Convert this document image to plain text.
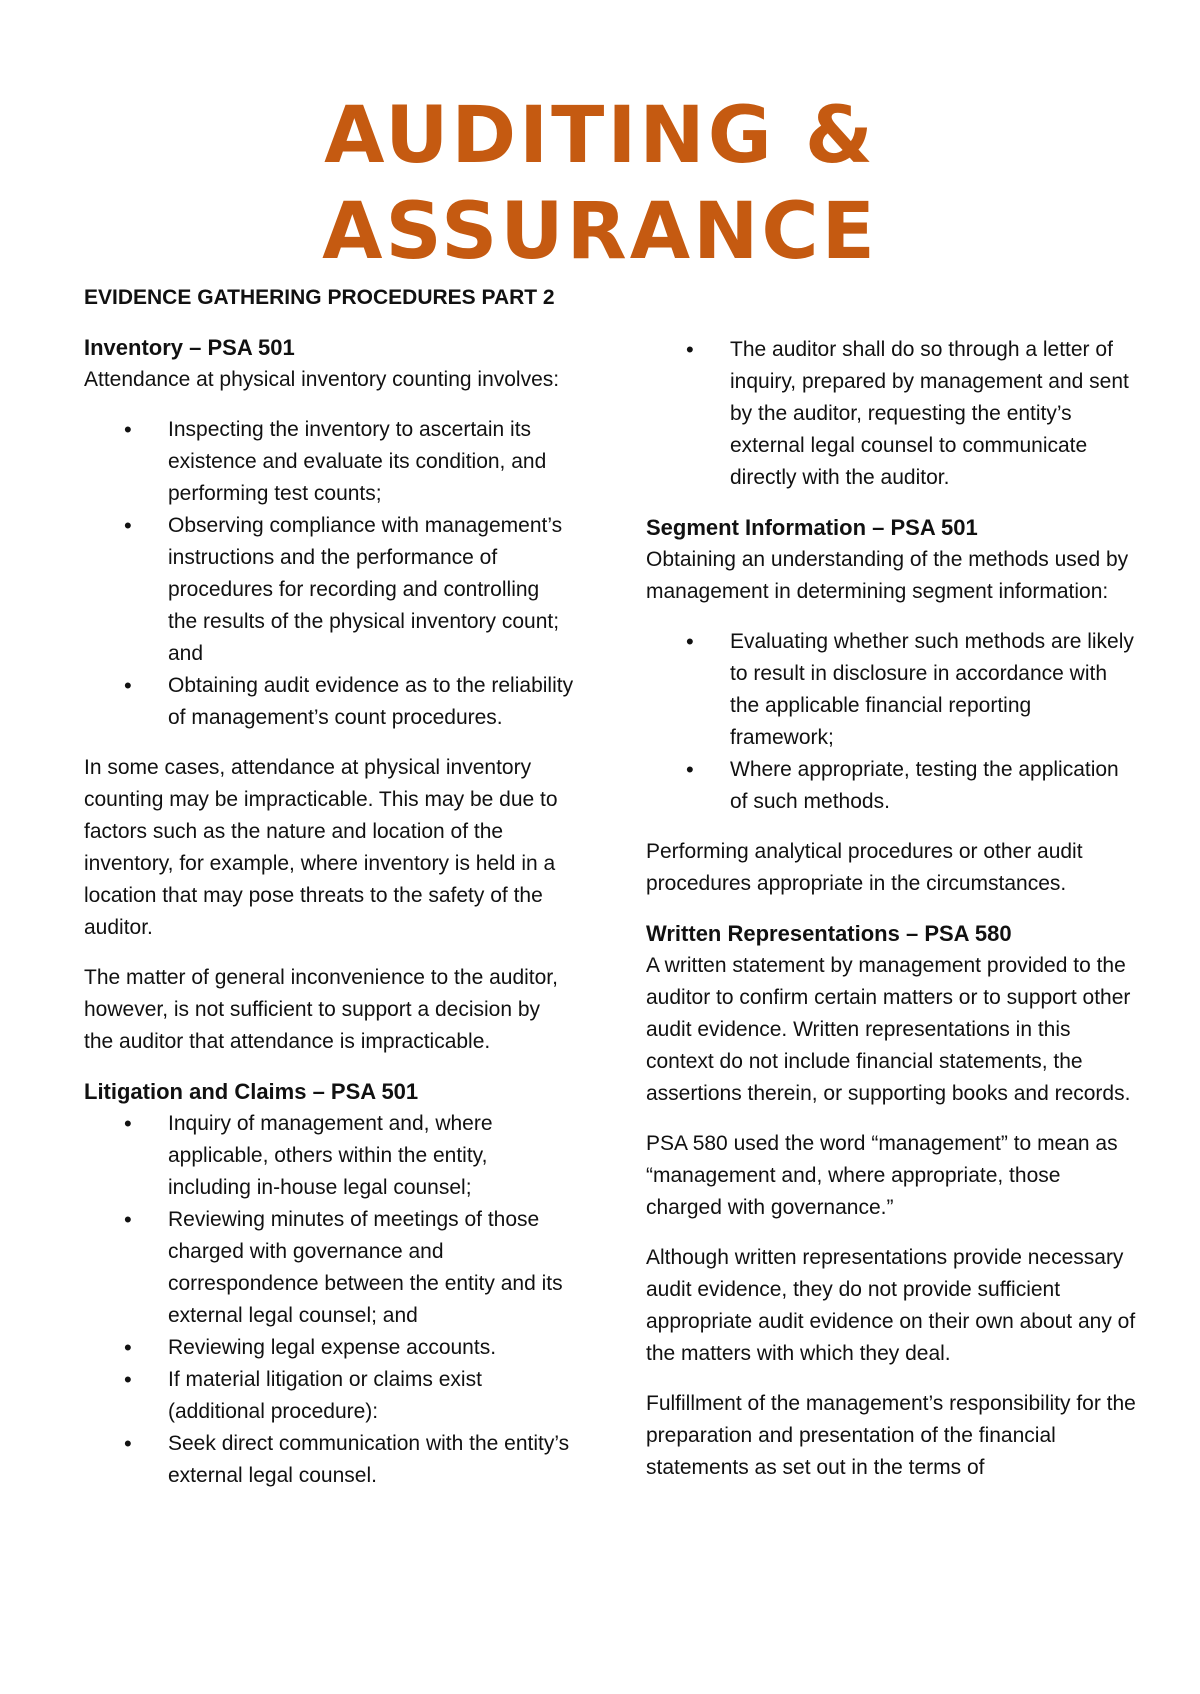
AUDITING &
ASSURANCE
EVIDENCE GATHERING PROCEDURES PART 2
Inventory – PSA 501

Attendance at physical inventory counting involves:

• Inspecting the inventory to ascertain its existence and evaluate its condition, and performing test counts;
• Observing compliance with management’s instructions and the performance of procedures for recording and controlling the results of the physical inventory count; and
• Obtaining audit evidence as to the reliability of management’s count procedures.

In some cases, attendance at physical inventory counting may be impracticable. This may be due to factors such as the nature and location of the inventory, for example, where inventory is held in a location that may pose threats to the safety of the auditor.

The matter of general inconvenience to the auditor, however, is not sufficient to support a decision by the auditor that attendance is impracticable.

Litigation and Claims – PSA 501
• Inquiry of management and, where applicable, others within the entity, including in-house legal counsel;
• Reviewing minutes of meetings of those charged with governance and correspondence between the entity and its external legal counsel; and
• Reviewing legal expense accounts.
• If material litigation or claims exist (additional procedure):
• Seek direct communication with the entity’s external legal counsel.
• The auditor shall do so through a letter of inquiry, prepared by management and sent by the auditor, requesting the entity’s external legal counsel to communicate directly with the auditor.
Segment Information – PSA 501

Obtaining an understanding of the methods used by management in determining segment information:

• Evaluating whether such methods are likely to result in disclosure in accordance with the applicable financial reporting framework;
• Where appropriate, testing the application of such methods.

Performing analytical procedures or other audit procedures appropriate in the circumstances.

Written Representations – PSA 580

A written statement by management provided to the auditor to confirm certain matters or to support other audit evidence. Written representations in this context do not include financial statements, the assertions therein, or supporting books and records.

PSA 580 used the word “management” to mean as “management and, where appropriate, those charged with governance.”

Although written representations provide necessary audit evidence, they do not provide sufficient appropriate audit evidence on their own about any of the matters with which they deal.

Fulfillment of the management’s responsibility for the preparation and presentation of the financial statements as set out in the terms of
